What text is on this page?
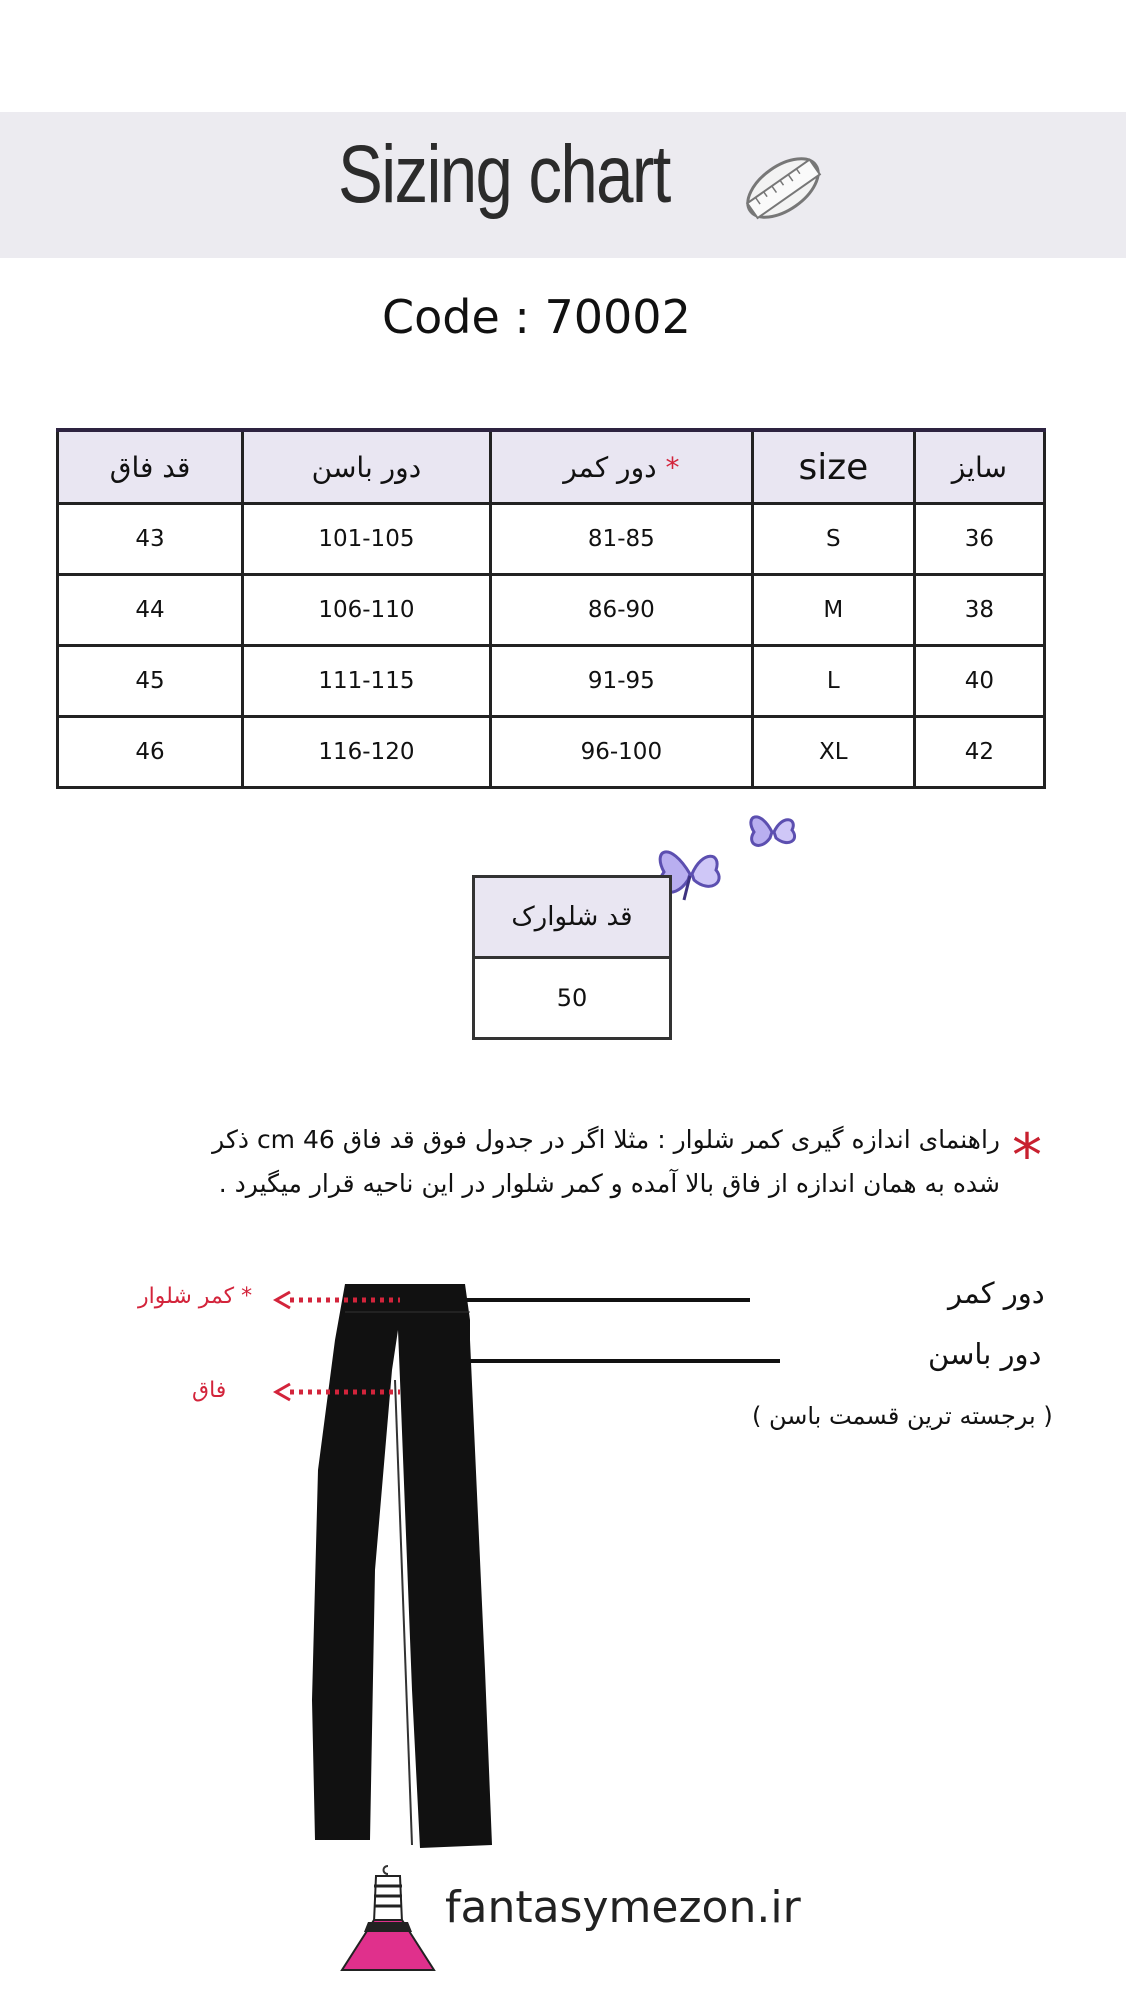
Sizing chart
Code : 70002
قد فاق	دور باسن	دور کمر *	size	سایز
43	101-105	81-85	S	36
44	106-110	86-90	M	38
45	111-115	91-95	L	40
46	116-120	96-100	XL	42
قد شلوارک
50
راهنمای اندازه گیری کمر شلوار : مثلا اگر در جدول فوق قد فاق 46 cm ذکر
شده به همان اندازه از فاق بالا آمده و کمر شلوار در این ناحیه قرار میگیرد . *
دور کمر
دور باسن
( برجسته ترین قسمت باسن )
* کمر شلوار
فاق
fantasymezon.ir
